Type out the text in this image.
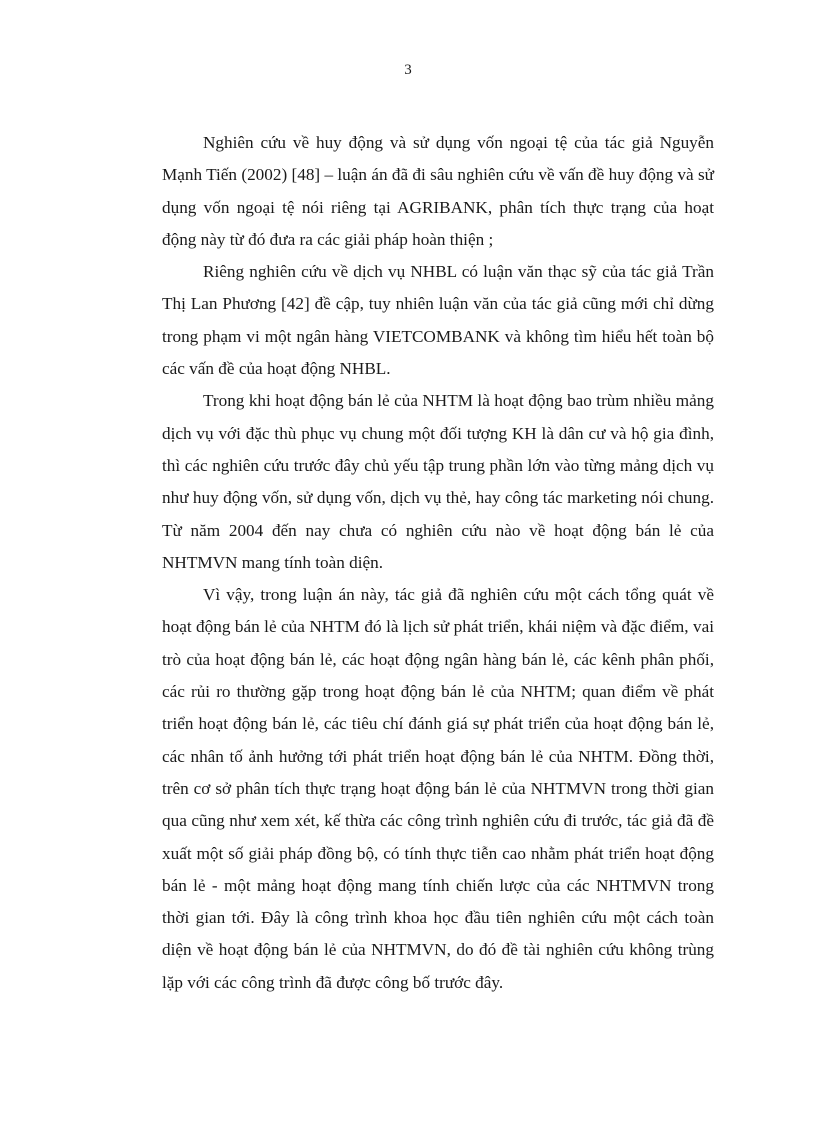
3

Nghiên cứu về huy động và sử dụng vốn ngoại tệ của tác giả Nguyễn Mạnh Tiến (2002) [48] – luận án đã đi sâu nghiên cứu về vấn đề huy động và sử dụng vốn ngoại tệ nói riêng tại AGRIBANK, phân tích thực trạng của hoạt động này từ đó đưa ra các giải pháp hoàn thiện ;

Riêng nghiên cứu về dịch vụ NHBL có luận văn thạc sỹ của tác giả Trần Thị Lan Phương [42] đề cập, tuy nhiên luận văn của tác giả cũng mới chỉ dừng trong phạm vi một ngân hàng VIETCOMBANK và không tìm hiểu hết toàn bộ các vấn đề của hoạt động NHBL.

Trong khi hoạt động bán lẻ của NHTM là hoạt động bao trùm nhiều mảng dịch vụ với đặc thù phục vụ chung một đối tượng KH là dân cư và hộ gia đình, thì các nghiên cứu trước đây chủ yếu tập trung phần lớn vào từng mảng dịch vụ như huy động vốn, sử dụng vốn, dịch vụ thẻ, hay công tác marketing nói chung. Từ năm 2004 đến nay chưa có nghiên cứu nào về hoạt động bán lẻ của NHTMVN mang tính toàn diện.

Vì vậy, trong luận án này, tác giả đã nghiên cứu một cách tổng quát về hoạt động bán lẻ của NHTM đó là lịch sử phát triển, khái niệm và đặc điểm, vai trò của hoạt động bán lẻ, các hoạt động ngân hàng bán lẻ, các kênh phân phối, các rủi ro thường gặp trong hoạt động bán lẻ của NHTM; quan điểm về phát triển hoạt động bán lẻ, các tiêu chí đánh giá sự phát triển của hoạt động bán lẻ, các nhân tố ảnh hưởng tới phát triển hoạt động bán lẻ của NHTM. Đồng thời, trên cơ sở phân tích thực trạng hoạt động bán lẻ của NHTMVN trong thời gian qua cũng như xem xét, kế thừa các công trình nghiên cứu đi trước, tác giả đã đề xuất một số giải pháp đồng bộ, có tính thực tiễn cao nhằm phát triển hoạt động bán lẻ - một mảng hoạt động mang tính chiến lược của các NHTMVN trong thời gian tới. Đây là công trình khoa học đầu tiên nghiên cứu một cách toàn diện về hoạt động bán lẻ của NHTMVN, do đó đề tài nghiên cứu không trùng lặp với các công trình đã được công bố trước đây.
